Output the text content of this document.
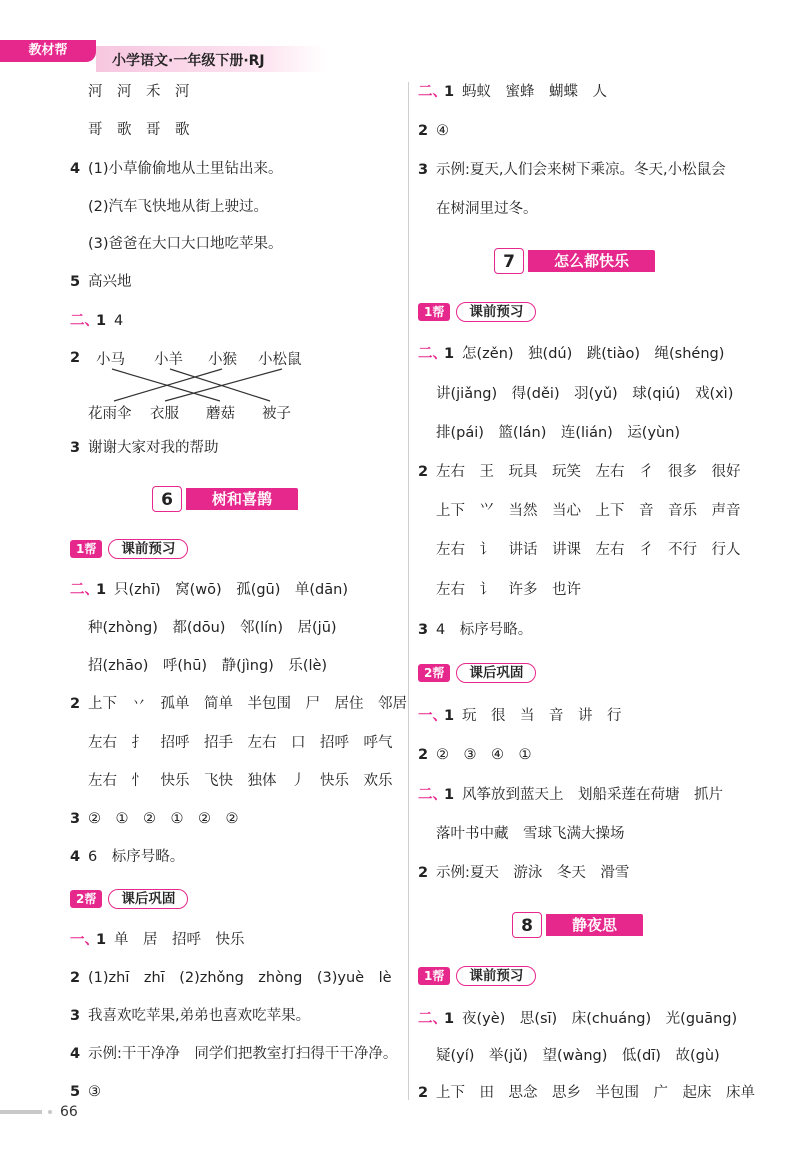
教材帮
小学语文·一年级下册·RJ
河　河　禾　河
哥　歌　哥　歌
4 (1)小草偷偷地从土里钻出来。
(2)汽车飞快地从街上驶过。
(3)爸爸在大口大口地吃苹果。
5 高兴地
二、
1 4
2	小马 小羊 小猴 小松鼠
花雨伞 衣服 蘑菇 被子
3 谢谢大家对我的帮助
6	树和喜鹊
1帮	课前预习
二、
1 只(zhī)　窝(wō)　孤(gū)　单(dān)
种(zhòng)　都(dōu)　邻(lín)　居(jū)
招(zhāo)　呼(hū)　静(jìng)　乐(lè)
2 上下　丷　孤单　简单　半包围　尸　居住　邻居
左右　扌　招呼　招手　左右　口　招呼　呼气
左右　忄　快乐　飞快　独体　丿　快乐　欢乐
3 ②　①　②　①　②　②
4 6　标序号略。
2帮	课后巩固
一、
1 单　居　招呼　快乐
2 (1)zhī　zhī　(2)zhǒng　zhòng　(3)yuè　lè
3 我喜欢吃苹果,弟弟也喜欢吃苹果。
4 示例:干干净净　同学们把教室打扫得干干净净。
5 ③
二、
1 蚂蚁　蜜蜂　蝴蝶　人
2 ④
3 示例:夏天,人们会来树下乘凉。冬天,小松鼠会
在树洞里过冬。
7	怎么都快乐
1帮	课前预习
二、
1 怎(zěn)　独(dú)　跳(tiào)　绳(shéng)
讲(jiǎng)　得(děi)　羽(yǔ)　球(qiú)　戏(xì)
排(pái)　篮(lán)　连(lián)　运(yùn)
2 左右　王　玩具　玩笑　左右　彳　很多　很好
上下　⺍　当然　当心　上下　音　音乐　声音
左右　讠　讲话　讲课　左右　彳　不行　行人
左右　讠　许多　也许
3 4　标序号略。
2帮	课后巩固
一、
1 玩　很　当　音　讲　行
2 ②　③　④　①
二、
1 风筝放到蓝天上　划船采莲在荷塘　抓片
落叶书中藏　雪球飞满大操场
2 示例:夏天　游泳　冬天　滑雪
8	静夜思
1帮	课前预习
二、
1 夜(yè)　思(sī)　床(chuáng)　光(guāng)
疑(yí)　举(jǔ)　望(wàng)　低(dī)　故(gù)
2 上下　田　思念　思乡　半包围　广　起床　床单
66
